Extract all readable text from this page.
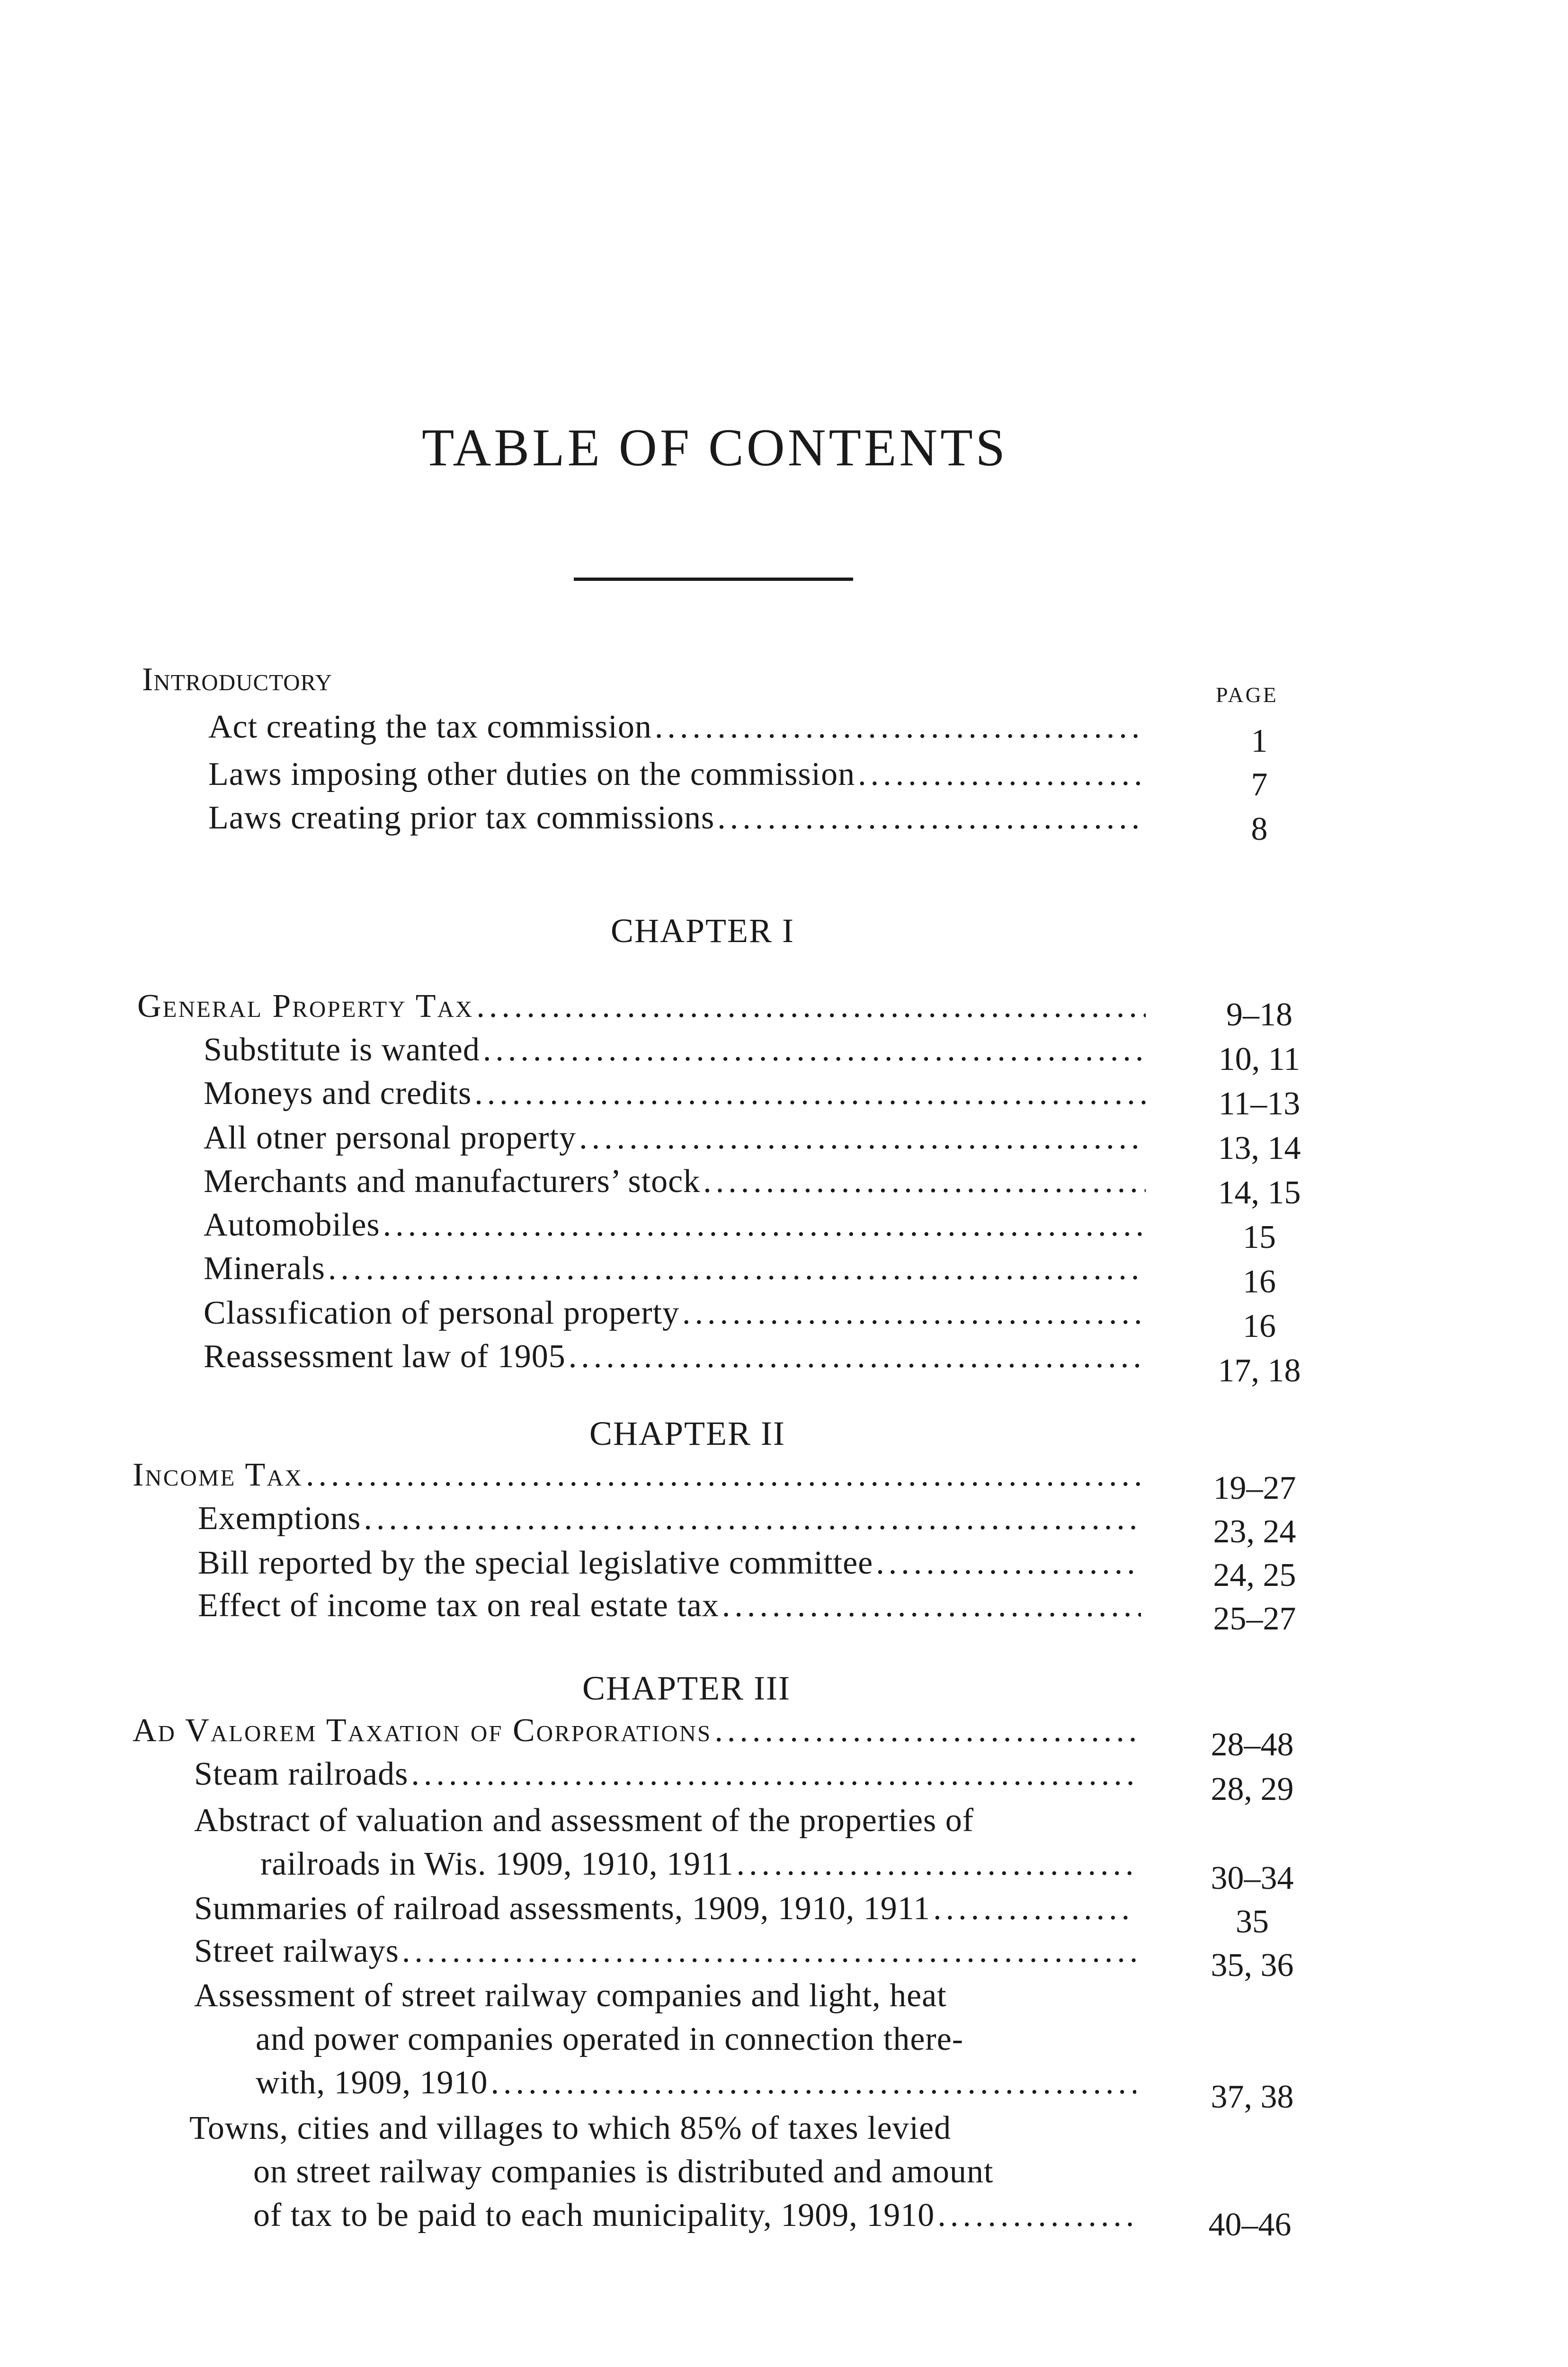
TABLE OF CONTENTS
Introductory	PAGE
Act creating the tax commission .....	1
Laws imposing other duties on the commission .....	7
Laws creating prior tax commissions .....	8
CHAPTER I
General Property Tax .....	9–18
Substitute is wanted .....	10, 11
Moneys and credits .....	11–13
All otner personal property .....	13, 14
Merchants and manufacturers’ stock .....	14, 15
Automobiles .....	15
Minerals .....	16
Classıfication of personal property .....	16
Reassessment law of 1905 .....	17, 18
CHAPTER II
Income Tax .....	19–27
Exemptions .....	23, 24
Bill reported by the special legislative committee .....	24, 25
Effect of income tax on real estate tax .....	25–27
CHAPTER III
Ad Valorem Taxation of Corporations .....	28–48
Steam railroads .....	28, 29
Abstract of valuation and assessment of the properties of
railroads in Wis. 1909, 1910, 1911 .....	30–34
Summaries of railroad assessments, 1909, 1910, 1911 .....	35
Street railways .....	35, 36
Assessment of street railway companies and light, heat
and power companies operated in connection there-
with, 1909, 1910 .....	37, 38
Towns, cities and villages to which 85% of taxes levied
on street railway companies is distributed and amount
of tax to be paid to each municipality, 1909, 1910 .....	40–46
